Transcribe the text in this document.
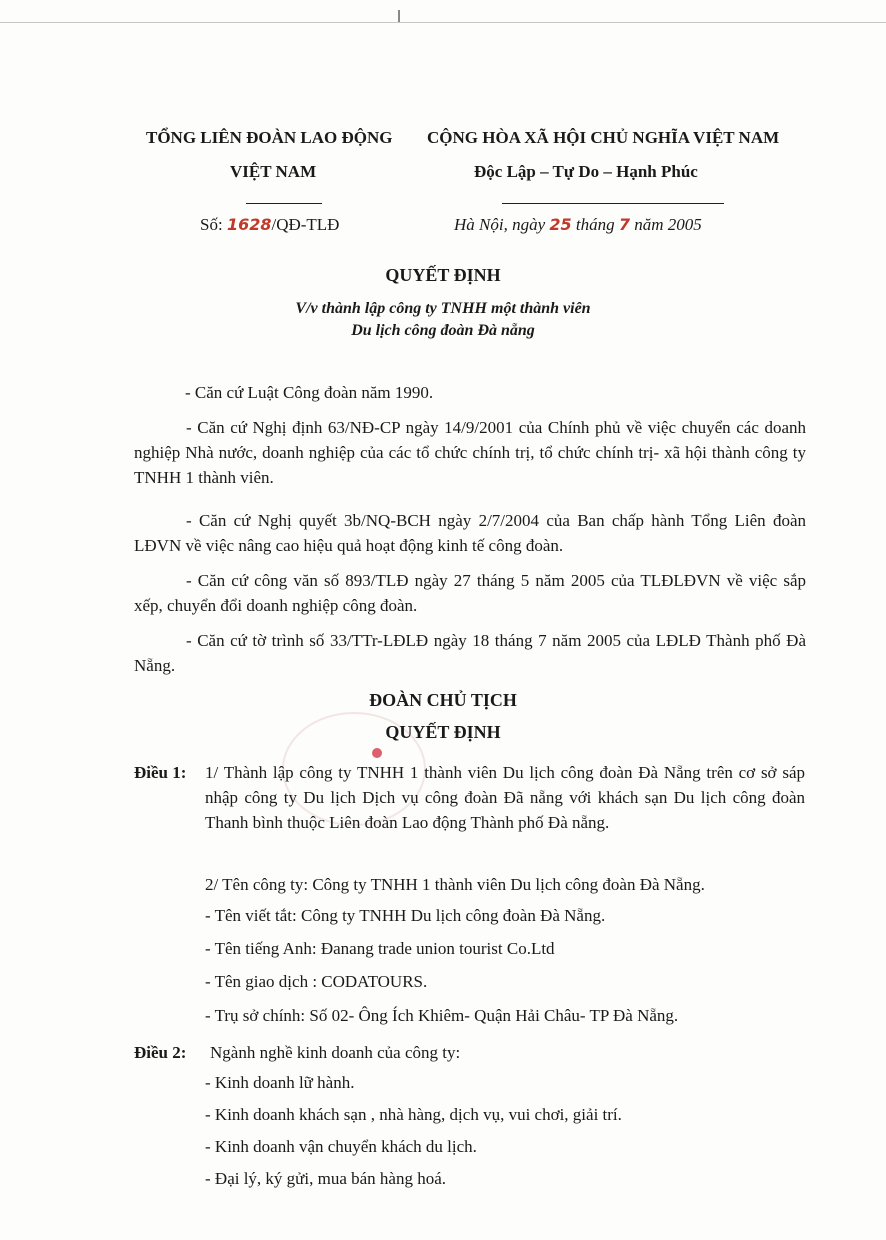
TỔNG LIÊN ĐOÀN LAO ĐỘNG
VIỆT NAM
CỘNG HÒA XÃ HỘI CHỦ NGHĨA VIỆT NAM
Độc Lập – Tự Do – Hạnh Phúc
Số: 1628/QĐ-TLĐ	Hà Nội, ngày 25 tháng 7 năm 2005
QUYẾT ĐỊNH
V/v thành lập công ty TNHH một thành viên
Du lịch công đoàn Đà nẵng
- Căn cứ Luật Công đoàn năm 1990.
- Căn cứ Nghị định 63/NĐ-CP ngày 14/9/2001 của Chính phủ về việc chuyển các doanh nghiệp Nhà nước, doanh nghiệp của các tổ chức chính trị, tổ chức chính trị- xã hội thành công ty TNHH 1 thành viên.
- Căn cứ Nghị quyết 3b/NQ-BCH ngày 2/7/2004 của Ban chấp hành Tổng Liên đoàn LĐVN về việc nâng cao hiệu quả hoạt động kinh tế công đoàn.
- Căn cứ công văn số 893/TLĐ ngày 27 tháng 5 năm 2005 của TLĐLĐVN về việc sắp xếp, chuyển đổi doanh nghiệp công đoàn.
- Căn cứ tờ trình số 33/TTr-LĐLĐ ngày 18 tháng 7 năm 2005 của LĐLĐ Thành phố Đà Nẵng.
ĐOÀN CHỦ TỊCH
QUYẾT ĐỊNH
Điều 1: 1/ Thành lập công ty TNHH 1 thành viên Du lịch công đoàn Đà Nẵng trên cơ sở sáp nhập công ty Du lịch Dịch vụ công đoàn Đã nẵng với khách sạn Du lịch công đoàn Thanh bình thuộc Liên đoàn Lao động Thành phố Đà nẵng.
2/ Tên công ty: Công ty TNHH 1 thành viên Du lịch công đoàn Đà Nẵng.
- Tên viết tắt: Công ty TNHH Du lịch công đoàn Đà Nẵng.
- Tên tiếng Anh: Đanang trade union tourist Co.Ltd
- Tên giao dịch : CODATOURS.
- Trụ sở chính: Số 02- Ông Ích Khiêm- Quận Hải Châu- TP Đà Nẵng.
Điều 2: Ngành nghề kinh doanh của công ty:
- Kinh doanh lữ hành.
- Kinh doanh khách sạn , nhà hàng, dịch vụ, vui chơi, giải trí.
- Kinh doanh vận chuyển khách du lịch.
- Đại lý, ký gửi, mua bán hàng hoá.
